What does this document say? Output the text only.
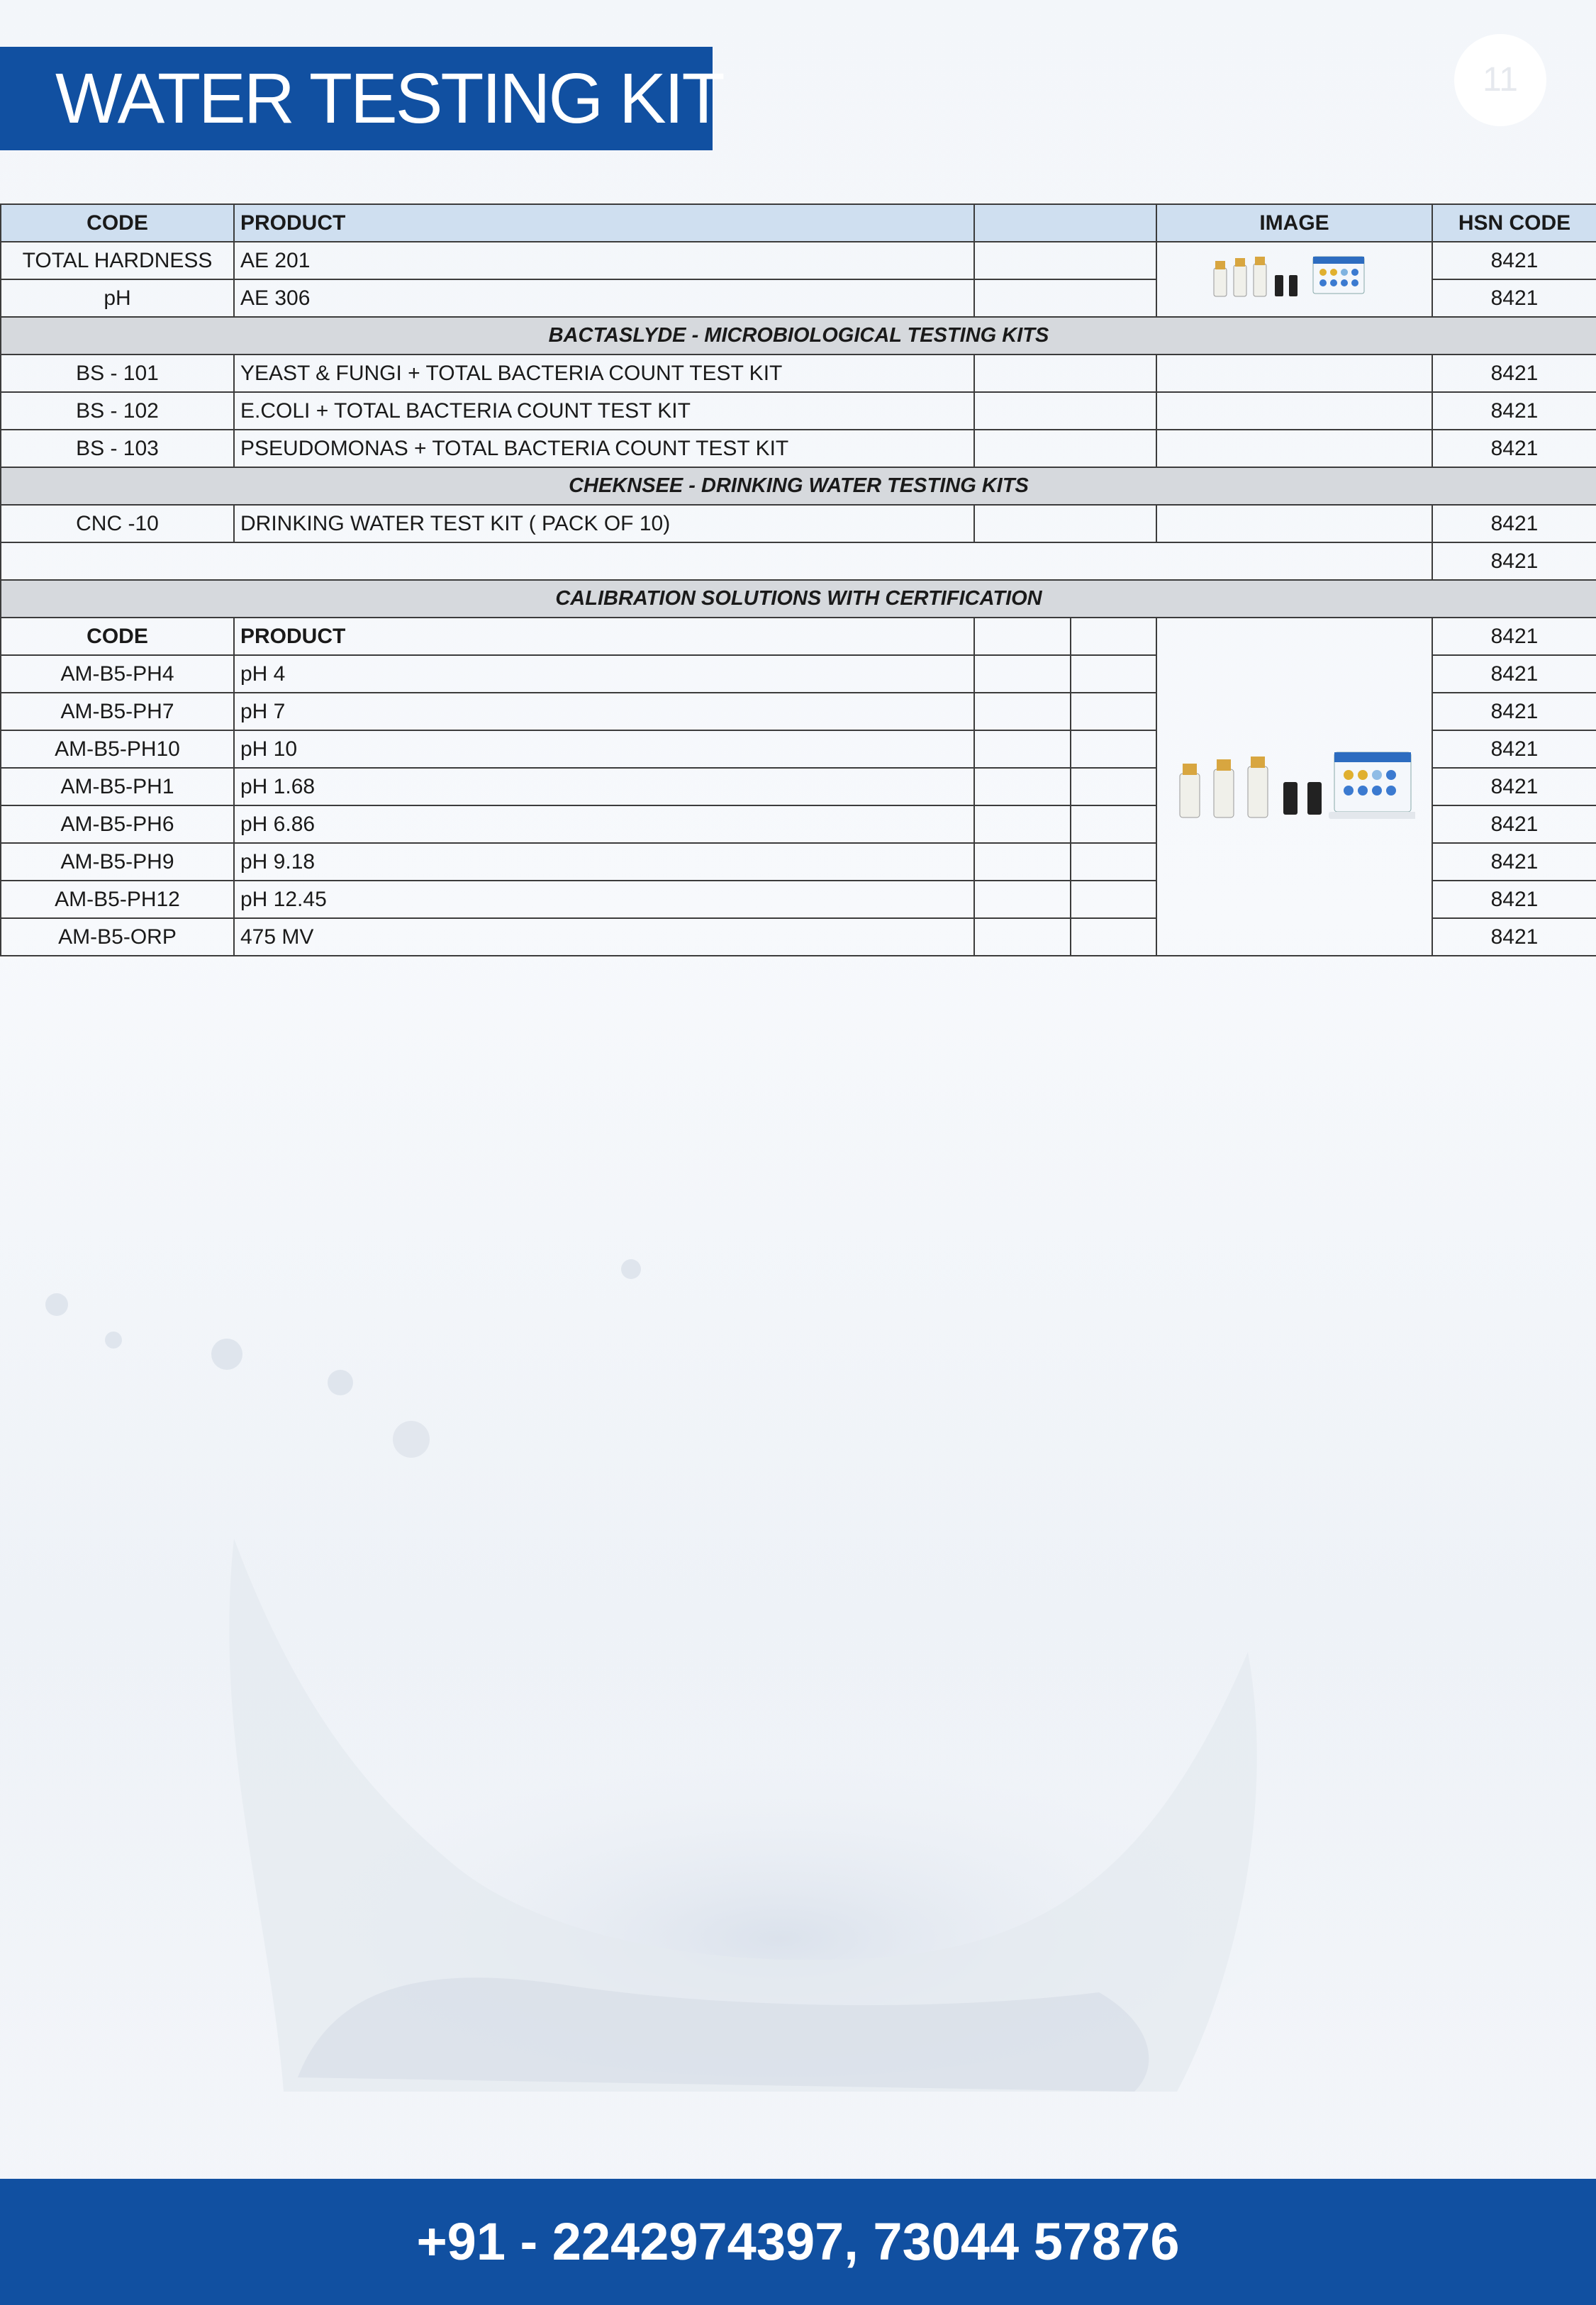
11
WATER TESTING KIT
CODE	PRODUCT			IMAGE	HSN CODE
TOTAL HARDNESS	AE 201				8421
pH	AE 306				8421
BACTASLYDE - MICROBIOLOGICAL TESTING KITS					
BS - 101	YEAST & FUNGI + TOTAL BACTERIA COUNT TEST KIT				8421
BS - 102	E.COLI + TOTAL BACTERIA COUNT TEST KIT				8421
BS - 103	PSEUDOMONAS + TOTAL BACTERIA COUNT TEST KIT				8421
CHEKNSEE - DRINKING WATER TESTING KITS					
CNC -10	DRINKING WATER TEST KIT ( PACK OF 10)				8421
					8421
CALIBRATION SOLUTIONS WITH CERTIFICATION					
CODE	PRODUCT				8421
AM-B5-PH4	pH 4				8421
AM-B5-PH7	pH 7				8421
AM-B5-PH10	pH 10				8421
AM-B5-PH1	pH 1.68				8421
AM-B5-PH6	pH 6.86				8421
AM-B5-PH9	pH 9.18				8421
AM-B5-PH12	pH 12.45				8421
AM-B5-ORP	475 MV				8421
+91 - 2242974397, 73044 57876
